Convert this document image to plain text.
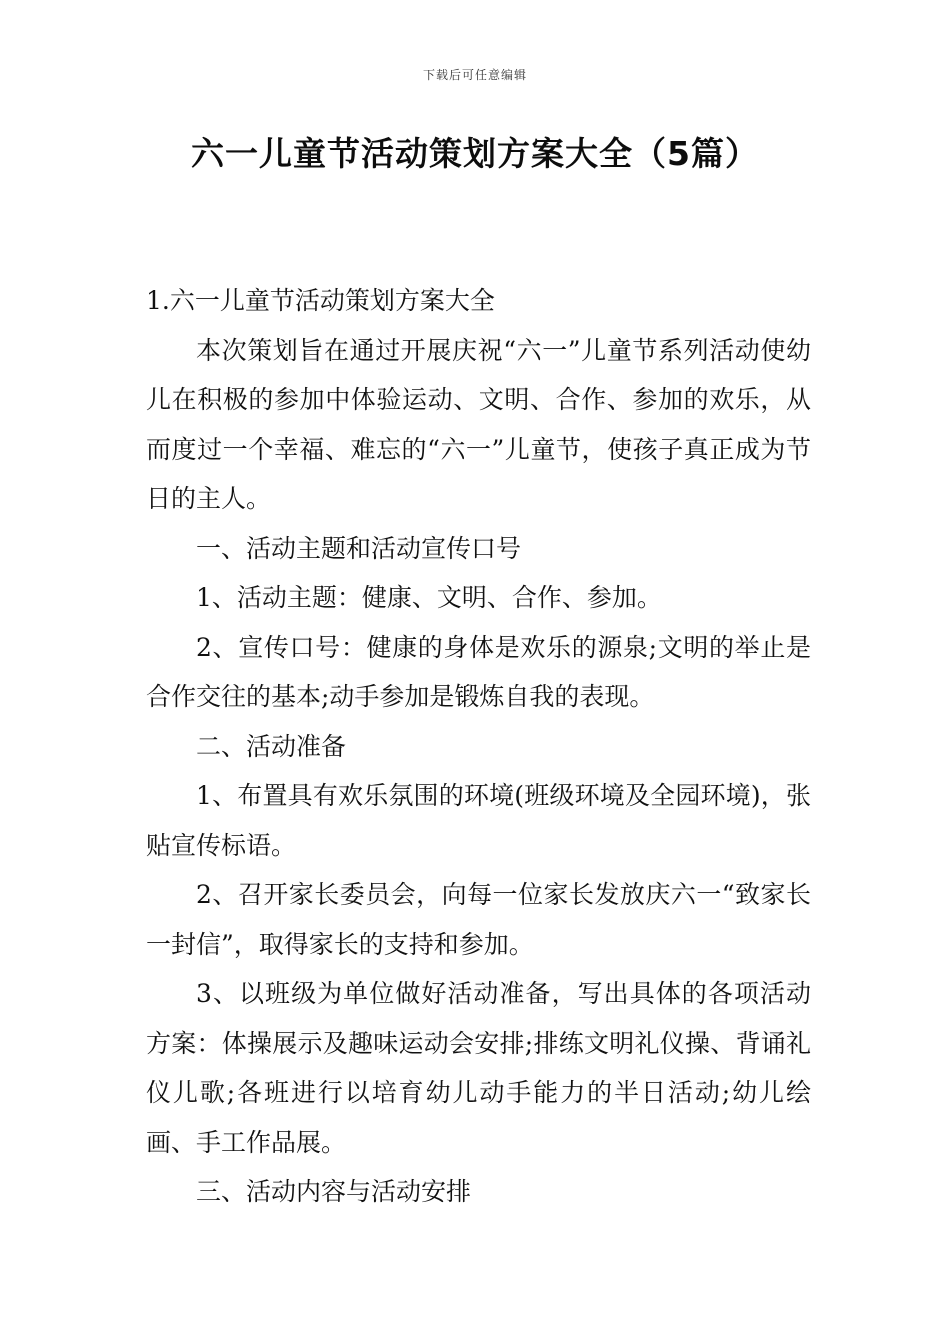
下载后可任意编辑
六一儿童节活动策划方案大全（5篇）

1.六一儿童节活动策划方案大全

本次策划旨在通过开展庆祝“六一”儿童节系列活动使幼儿在积极的参加中体验运动、文明、合作、参加的欢乐，从而度过一个幸福、难忘的“六一”儿童节，使孩子真正成为节日的主人。

一、活动主题和活动宣传口号

1、活动主题：健康、文明、合作、参加。

2、宣传口号：健康的身体是欢乐的源泉;文明的举止是合作交往的基本;动手参加是锻炼自我的表现。

二、活动准备

1、布置具有欢乐氛围的环境(班级环境及全园环境)，张贴宣传标语。

2、召开家长委员会，向每一位家长发放庆六一“致家长一封信”，取得家长的支持和参加。

3、以班级为单位做好活动准备，写出具体的各项活动方案：体操展示及趣味运动会安排;排练文明礼仪操、背诵礼仪儿歌;各班进行以培育幼儿动手能力的半日活动;幼儿绘画、手工作品展。

三、活动内容与活动安排
